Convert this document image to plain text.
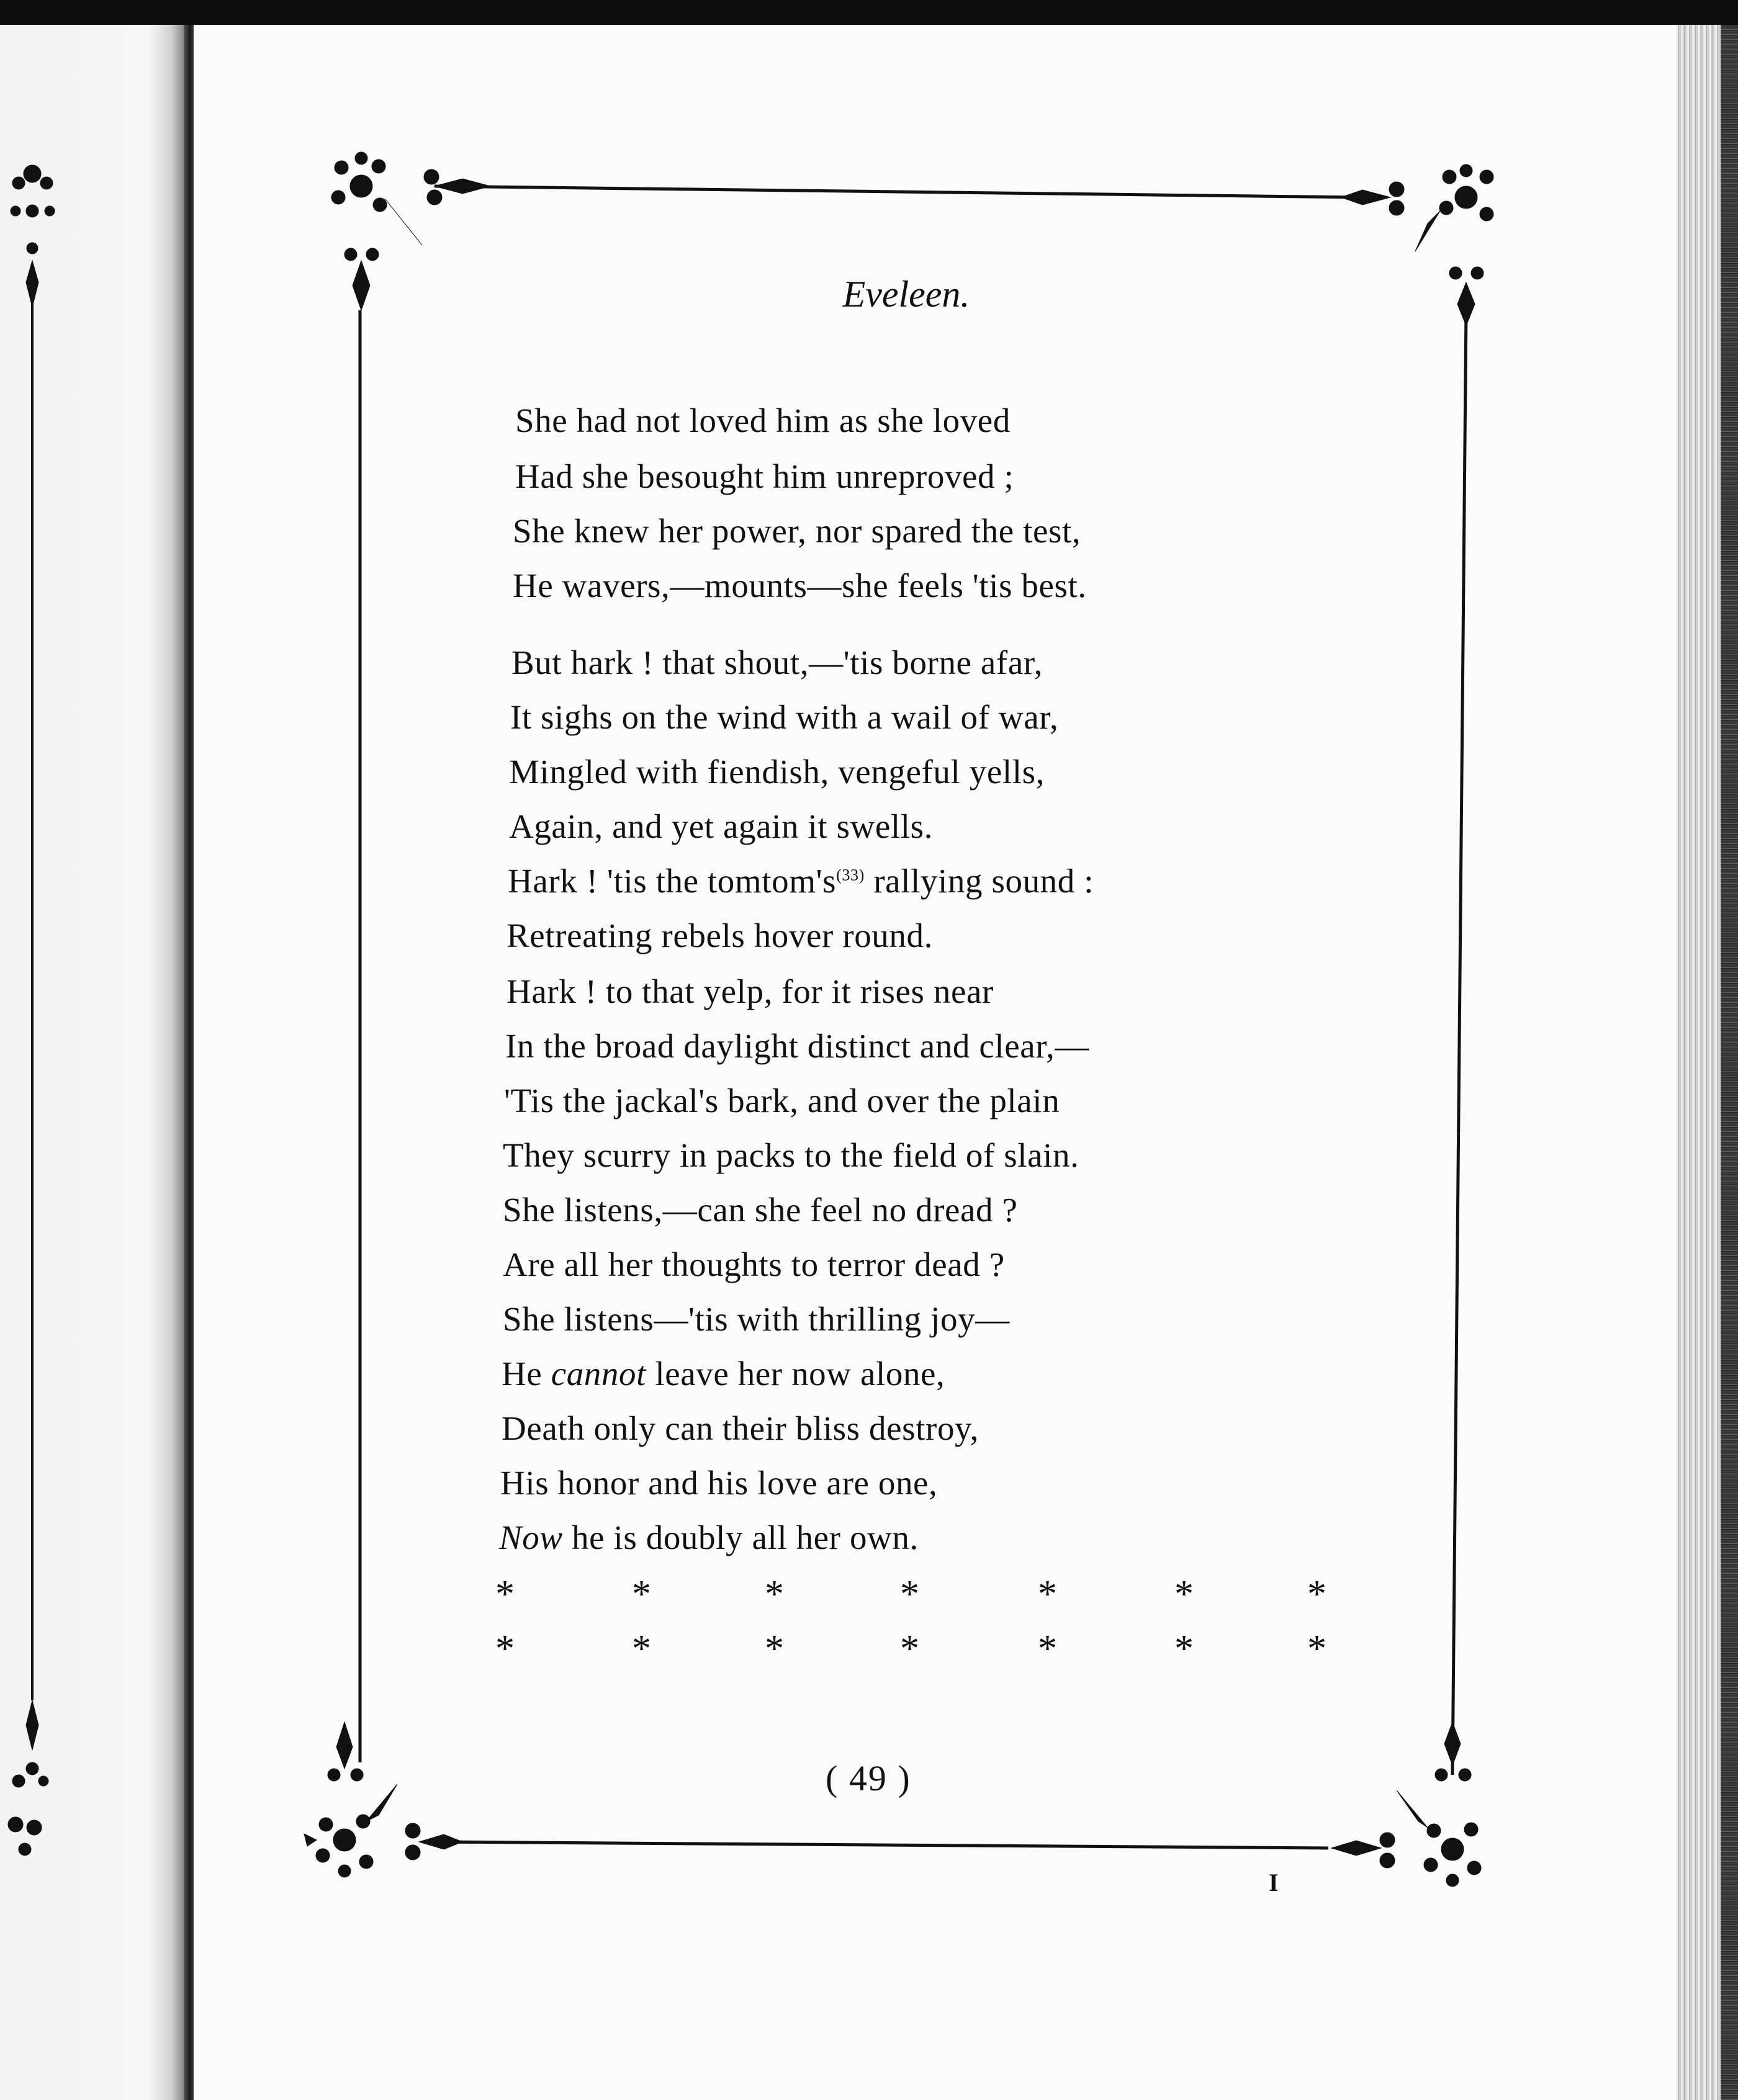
Eveleen.
She had not loved him as she loved
Had she besought him unreproved ;
She knew her power, nor spared the test,
He wavers,—mounts—she feels 'tis best.
But hark ! that shout,—'tis borne afar,
It sighs on the wind with a wail of war,
Mingled with fiendish, vengeful yells,
Again, and yet again it swells.
Hark ! 'tis the tomtom's$^{(33)}$ rallying sound :
Retreating rebels hover round.
Hark ! to that yelp, for it rises near
In the broad daylight distinct and clear,—
'Tis the jackal's bark, and over the plain
They scurry in packs to the field of slain.
She listens,—can she feel no dread ?
Are all her thoughts to terror dead ?
She listens—'tis with thrilling joy—
He cannot leave her now alone,
Death only can their bliss destroy,
His honor and his love are one,
Now he is doubly all her own.
*	*	*	*	*	*	*
*	*	*	*	*	*	*
( 49 )
I
